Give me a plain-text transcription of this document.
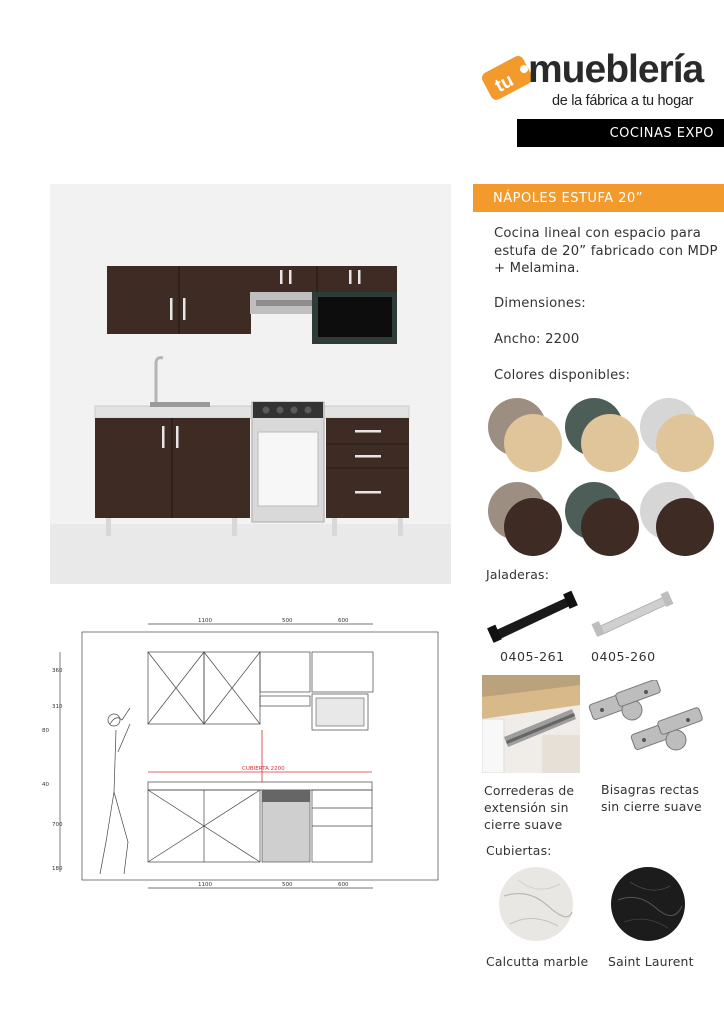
tu mueblería
de la fábrica a tu hogar
COCINAS EXPO
NÁPOLES ESTUFA 20”
Cocina lineal con espacio para estufa de 20” fabricado con MDP + Melamina.
Dimensiones:
Ancho: 2200
Colores disponibles:
Jaladeras:
0405-261 0405-260
Correderas de extensión sin cierre suave
Bisagras rectas sin cierre suave
Cubiertas:
Calcutta marble Saint Laurent
1100	500	600
1100	500	600
360
310
80
40
700
180
CUBIERTA 2200
